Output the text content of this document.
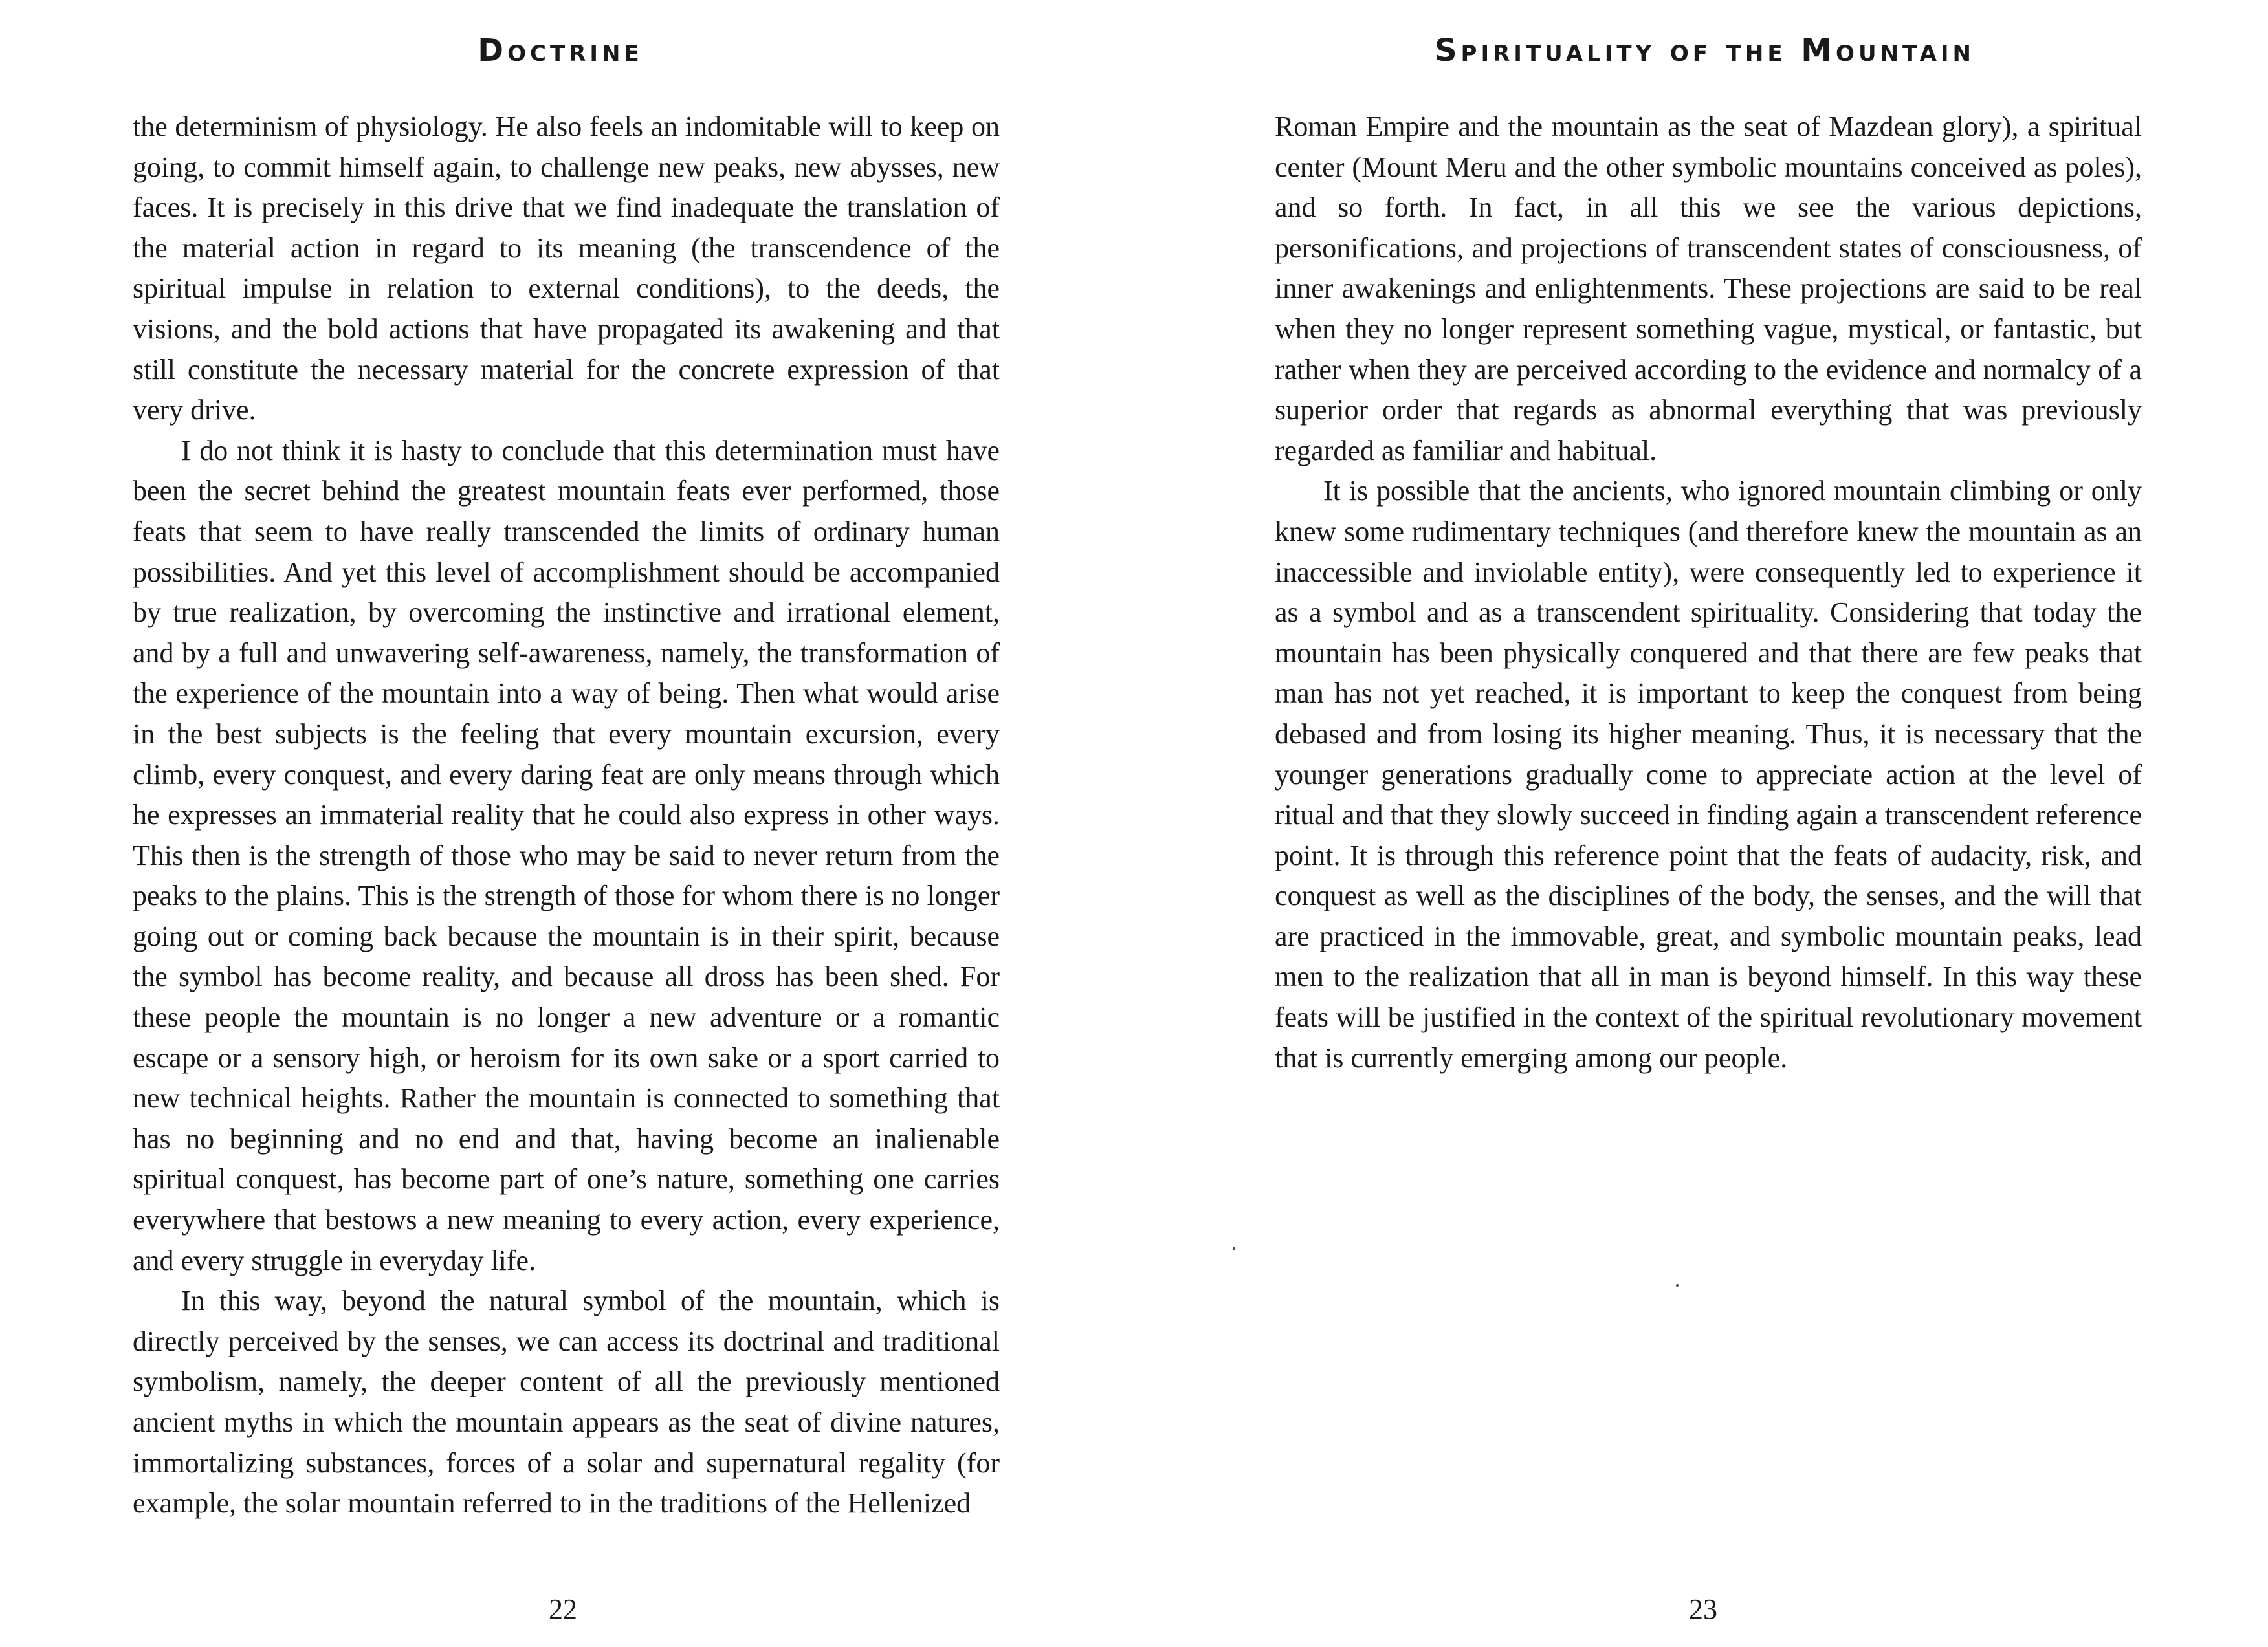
Doctrine

the determinism of physiology. He also feels an indomitable will to keep on going, to commit himself again, to challenge new peaks, new abysses, new faces. It is precisely in this drive that we find inadequate the translation of the material action in regard to its meaning (the transcendence of the spiritual impulse in relation to external conditions), to the deeds, the visions, and the bold actions that have propagated its awakening and that still constitute the necessary material for the concrete expression of that very drive.

I do not think it is hasty to conclude that this determination must have been the secret behind the greatest mountain feats ever performed, those feats that seem to have really transcended the limits of ordinary human possibilities. And yet this level of accomplishment should be accompanied by true realization, by overcoming the instinctive and irrational element, and by a full and unwavering self-awareness, namely, the transformation of the experience of the mountain into a way of being. Then what would arise in the best subjects is the feeling that every mountain excursion, every climb, every conquest, and every daring feat are only means through which he expresses an immaterial reality that he could also express in other ways. This then is the strength of those who may be said to never return from the peaks to the plains. This is the strength of those for whom there is no longer going out or coming back because the mountain is in their spirit, because the symbol has become reality, and because all dross has been shed. For these people the mountain is no longer a new adventure or a romantic escape or a sensory high, or heroism for its own sake or a sport carried to new technical heights. Rather the mountain is connected to something that has no beginning and no end and that, having become an inalienable spiritual conquest, has become part of one’s nature, something one carries everywhere that bestows a new meaning to every action, every experience, and every struggle in everyday life.

In this way, beyond the natural symbol of the mountain, which is directly perceived by the senses, we can access its doctrinal and traditional symbolism, namely, the deeper content of all the previously mentioned ancient myths in which the mountain appears as the seat of divine natures, immortalizing substances, forces of a solar and supernatural regality (for example, the solar mountain referred to in the traditions of the Hellenized

22
Spirituality of the Mountain

Roman Empire and the mountain as the seat of Mazdean glory), a spiritual center (Mount Meru and the other symbolic mountains conceived as poles), and so forth. In fact, in all this we see the various depictions, personifications, and projections of transcendent states of consciousness, of inner awakenings and enlightenments. These projections are said to be real when they no longer represent something vague, mystical, or fantastic, but rather when they are perceived according to the evidence and normalcy of a superior order that regards as abnormal everything that was previously regarded as familiar and habitual.

It is possible that the ancients, who ignored mountain climbing or only knew some rudimentary techniques (and therefore knew the mountain as an inaccessible and inviolable entity), were consequently led to experience it as a symbol and as a transcendent spirituality. Considering that today the mountain has been physically conquered and that there are few peaks that man has not yet reached, it is important to keep the conquest from being debased and from losing its higher meaning. Thus, it is necessary that the younger generations gradually come to appreciate action at the level of ritual and that they slowly succeed in finding again a transcendent reference point. It is through this reference point that the feats of audacity, risk, and conquest as well as the disciplines of the body, the senses, and the will that are practiced in the immovable, great, and symbolic mountain peaks, lead men to the realization that all in man is beyond himself. In this way these feats will be justified in the context of the spiritual revolutionary movement that is currently emerging among our people.

23
